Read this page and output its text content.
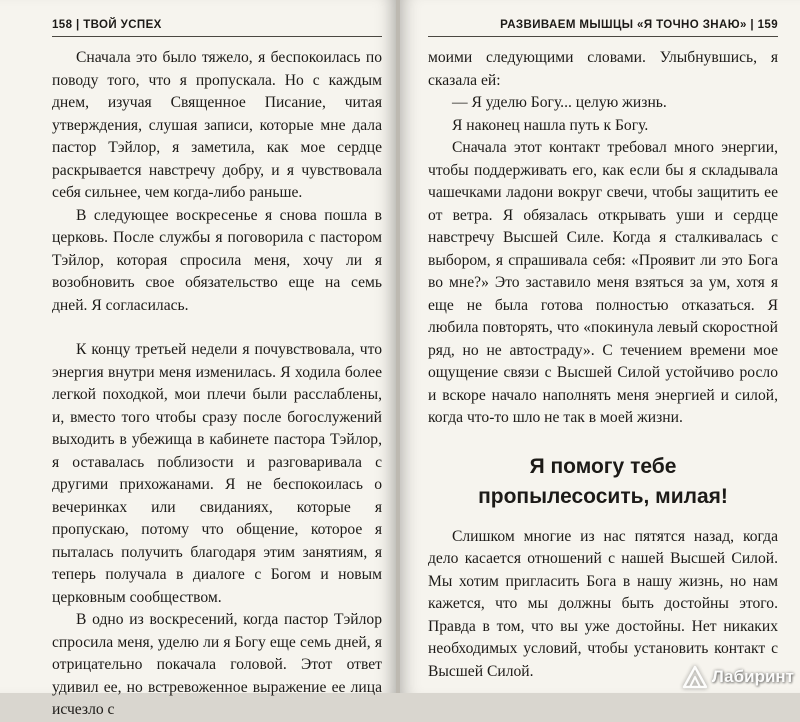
158 | ТВОЙ УСПЕХ

Сначала это было тяжело, я беспокоилась по поводу того, что я пропускала. Но с каждым днем, изучая Священное Писание, читая утверждения, слушая записи, которые мне дала пастор Тэйлор, я заметила, как мое сердце раскрывается навстречу добру, и я чувствовала себя сильнее, чем когда-либо раньше.

В следующее воскресенье я снова пошла в церковь. После службы я поговорила с пастором Тэйлор, которая спросила меня, хочу ли я возобновить свое обязательство еще на семь дней. Я согласилась.

К концу третьей недели я почувствовала, что энергия внутри меня изменилась. Я ходила более легкой походкой, мои плечи были расслаблены, и, вместо того чтобы сразу после богослужений выходить в убежища в кабинете пастора Тэйлор, я оставалась поблизости и разговаривала с другими прихожанами. Я не беспокоилась о вечеринках или свиданиях, которые я пропускаю, потому что общение, которое я пыталась получить благодаря этим занятиям, я теперь получала в диалоге с Богом и новым церковным сообществом.

В одно из воскресений, когда пастор Тэйлор спросила меня, уделю ли я Богу еще семь дней, я отрицательно покачала головой. Этот ответ удивил ее, но встревоженное выражение ее лица исчезло с

РАЗВИВАЕМ МЫШЦЫ «Я ТОЧНО ЗНАЮ» | 159

моими следующими словами. Улыбнувшись, я сказала ей:

— Я уделю Богу... целую жизнь.

Я наконец нашла путь к Богу.

Сначала этот контакт требовал много энергии, чтобы поддерживать его, как если бы я складывала чашечками ладони вокруг свечи, чтобы защитить ее от ветра. Я обязалась открывать уши и сердце навстречу Высшей Силе. Когда я сталкивалась с выбором, я спрашивала себя: «Проявит ли это Бога во мне?» Это заставило меня взяться за ум, хотя я еще не была готова полностью отказаться. Я любила повторять, что «покинула левый скоростной ряд, но не автостраду». С течением времени мое ощущение связи с Высшей Силой устойчиво росло и вскоре начало наполнять меня энергией и силой, когда что-то шло не так в моей жизни.

Я помогу тебе
пропылесосить, милая!

Слишком многие из нас пятятся назад, когда дело касается отношений с нашей Высшей Силой. Мы хотим пригласить Бога в нашу жизнь, но нам кажется, что мы должны быть достойны этого. Правда в том, что вы уже достойны. Нет никаких необходимых условий, чтобы установить контакт с Высшей Силой.	Лабиринт
